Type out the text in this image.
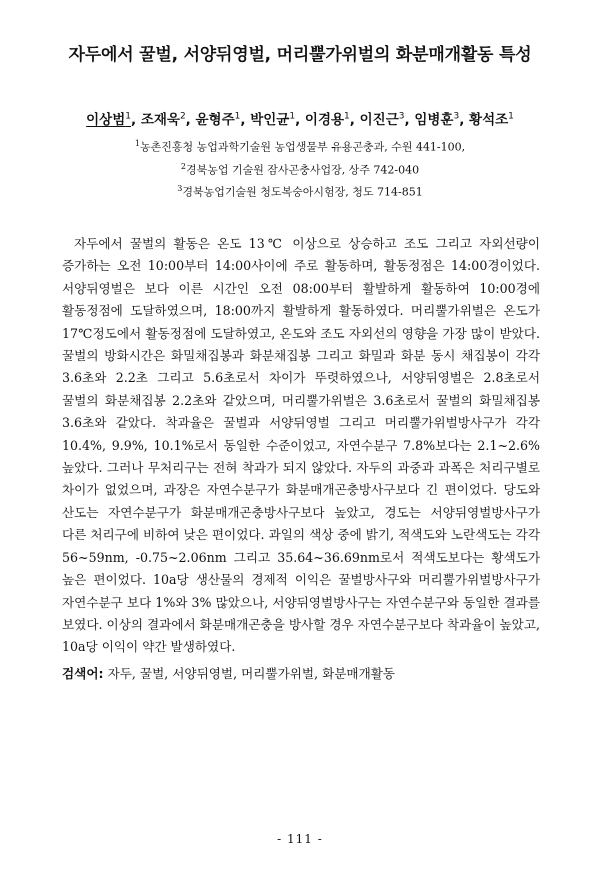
자두에서 꿀벌, 서양뒤영벌, 머리뿔가위벌의 화분매개활동 특성
이상범$^1$, 조재욱$^2$, 윤형주$^1$, 박인균$^1$, 이경용$^1$, 이진근$^3$, 임병훈$^3$, 황석조$^1$
$^1$농촌진흥청 농업과학기술원 농업생물부 유용곤충과, 수원 441-100,
$^2$경북농업 기술원 잠사곤충사업장, 상주 742-040
$^3$경북농업기술원 청도복숭아시험장, 청도 714-851
자두에서 꿀벌의 활동은 온도 13℃ 이상으로 상승하고 조도 그리고 자외선량이 증가하는 오전 10:00부터 14:00사이에 주로 활동하며, 활동정점은 14:00경이었다. 서양뒤영벌은 보다 이른 시간인 오전 08:00부터 활발하게 활동하여 10:00경에 활동정점에 도달하였으며, 18:00까지 활발하게 활동하였다. 머리뿔가위벌은 온도가 17℃정도에서 활동정점에 도달하였고, 온도와 조도 자외선의 영향을 가장 많이 받았다. 꿀벌의 방화시간은 화밀채집봉과 화분채집봉 그리고 화밀과 화분 동시 채집봉이 각각 3.6초와 2.2초 그리고 5.6초로서 차이가 뚜렷하였으나, 서양뒤영벌은 2.8초로서 꿀벌의 화분채집봉 2.2초와 같았으며, 머리뿔가위벌은 3.6초로서 꿀벌의 화밀채집봉 3.6초와 같았다. 착과율은 꿀벌과 서양뒤영벌 그리고 머리뿔가위벌방사구가 각각 10.4%, 9.9%, 10.1%로서 동일한 수준이었고, 자연수분구 7.8%보다는 2.1~2.6% 높았다. 그러나 무처리구는 전혀 착과가 되지 않았다. 자두의 과중과 과폭은 처리구별로 차이가 없었으며, 과장은 자연수분구가 화분매개곤충방사구보다 긴 편이었다. 당도와 산도는 자연수분구가 화분매개곤충방사구보다 높았고, 경도는 서양뒤영벌방사구가 다른 처리구에 비하여 낮은 편이었다. 과일의 색상 중에 밝기, 적색도와 노란색도는 각각 56~59nm, -0.75~2.06nm 그리고 35.64~36.69nm로서 적색도보다는 황색도가 높은 편이었다. 10a당 생산물의 경제적 이익은 꿀벌방사구와 머리뿔가위벌방사구가 자연수분구 보다 1%와 3% 많았으나, 서양뒤영벌방사구는 자연수분구와 동일한 결과를 보였다. 이상의 결과에서 화분매개곤충을 방사할 경우 자연수분구보다 착과율이 높았고, 10a당 이익이 약간 발생하였다.
검색어: 자두, 꿀벌, 서양뒤영벌, 머리뿔가위벌, 화분매개활동
- 111 -
